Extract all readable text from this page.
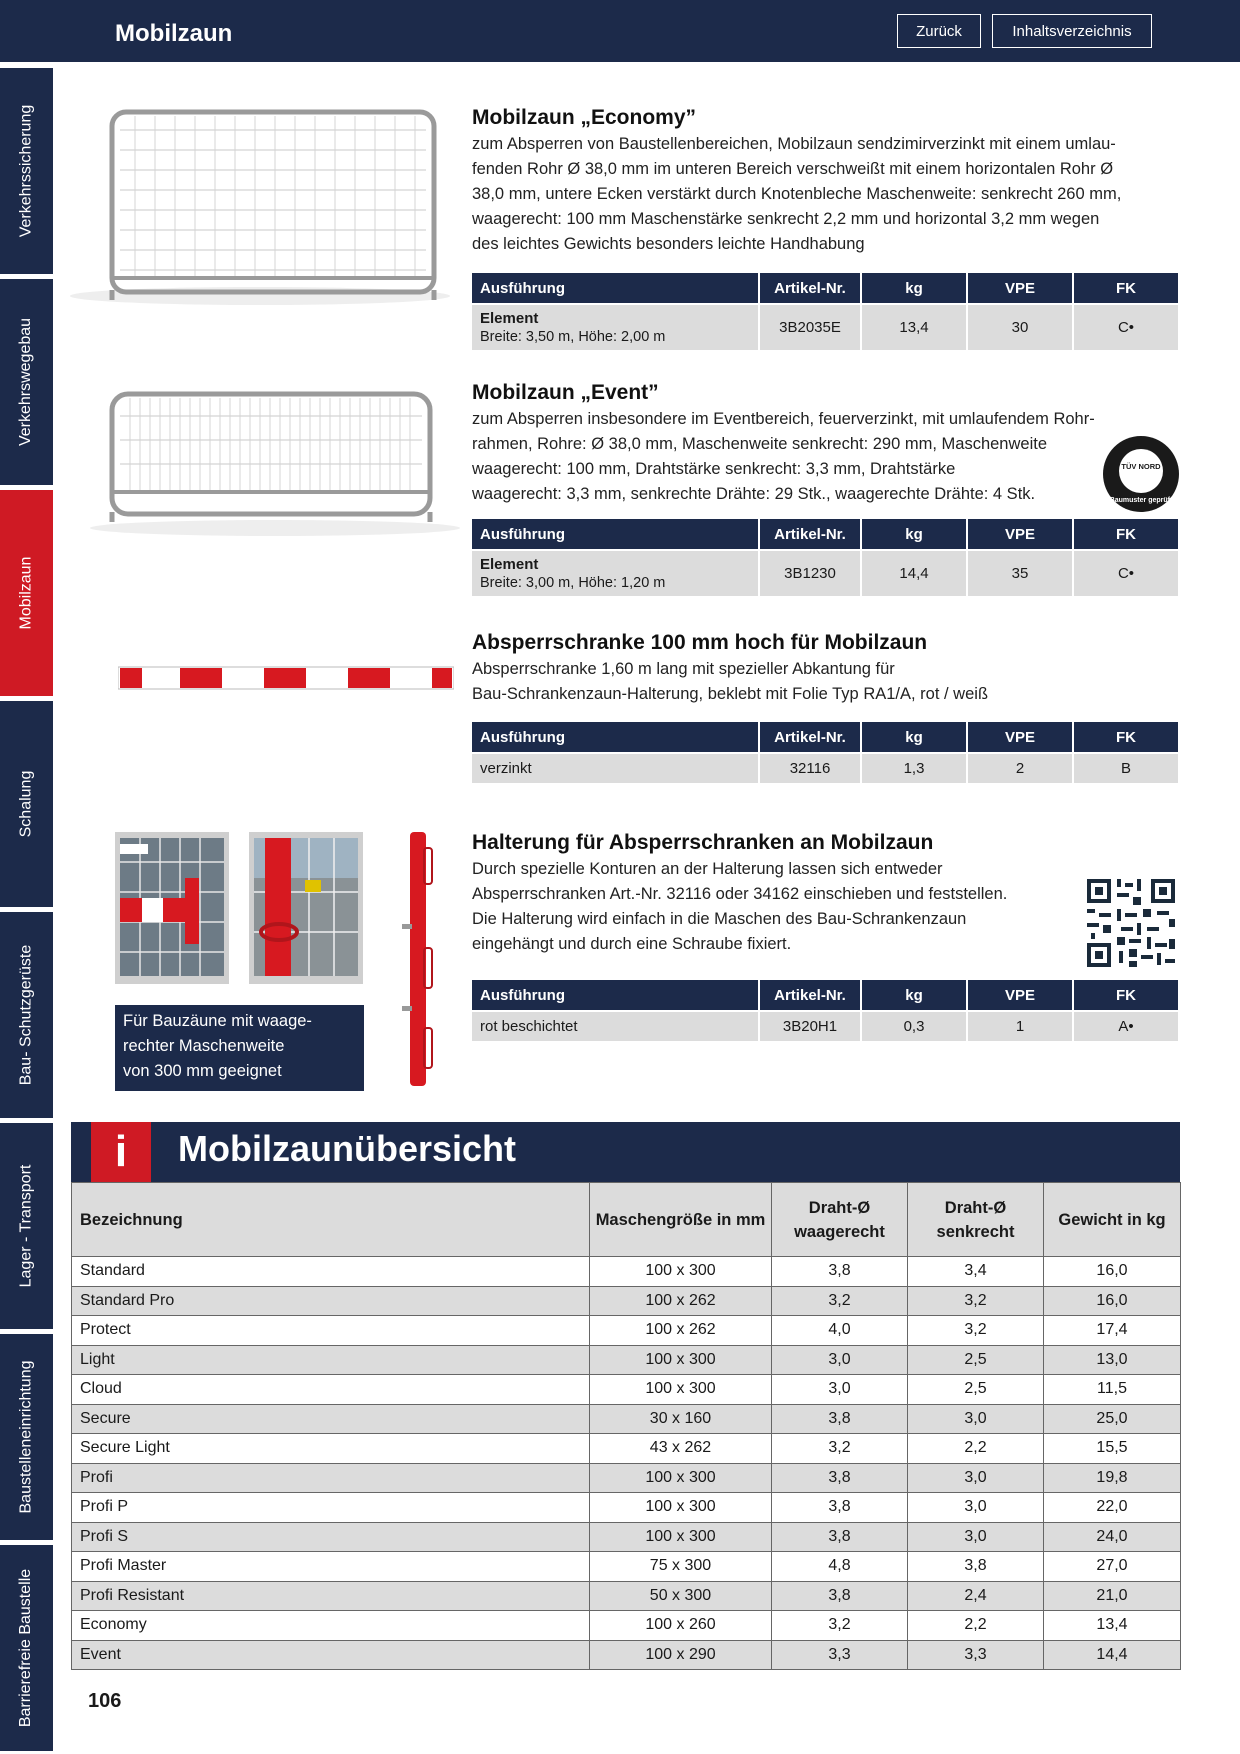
Mobilzaun	Zurück	Inhaltsverzeichnis
Verkehrssicherung
Verkehrswegebau
Mobilzaun
Schalung
Bau- Schutzgerüste
Lager - Transport
Baustelleneinrichtung
Barrierefreie Baustelle
Mobilzaun „Economy”
zum Absperren von Baustellenbereichen, Mobilzaun sendzimirverzinkt mit einem umlau-
fenden Rohr Ø 38,0 mm im unteren Bereich verschweißt mit einem horizontalen Rohr Ø
38,0 mm, untere Ecken verstärkt durch Knotenbleche Maschenweite: senkrecht 260 mm,
waagerecht: 100 mm Maschenstärke senkrecht 2,2 mm und horizontal 3,2 mm wegen
des leichtes Gewichts besonders leichte Handhabung
Ausführung	Artikel-Nr.	kg	VPE	FK

Element
Breite: 3,50 m, Höhe: 2,00 m	3B2035E	13,4	30	C•
Mobilzaun „Event”
zum Absperren insbesondere im Eventbereich, feuerverzinkt, mit umlaufendem Rohr-
rahmen, Rohre: Ø 38,0 mm, Maschenweite senkrecht: 290 mm, Maschenweite
waagerecht: 100 mm, Drahtstärke senkrecht: 3,3 mm, Drahtstärke
waagerecht: 3,3 mm, senkrechte Drähte: 29 Stk., waagerechte Drähte: 4 Stk.
TÜV NORD
Baumuster geprüft
Ausführung	Artikel-Nr.	kg	VPE	FK

Element
Breite: 3,00 m, Höhe: 1,20 m	3B1230	14,4	35	C•
Absperrschranke 100 mm hoch für Mobilzaun
Absperrschranke 1,60 m lang mit spezieller Abkantung für
Bau-Schrankenzaun-Halterung, beklebt mit Folie Typ RA1/A, rot / weiß
Ausführung	Artikel-Nr.	kg	VPE	FK
verzinkt	32116	1,3	2	B
Für Bauzäune mit waage-
rechter Maschenweite
von 300 mm geeignet
Halterung für Absperrschranken an Mobilzaun
Durch spezielle Konturen an der Halterung lassen sich entweder
Absperrschranken Art.-Nr. 32116 oder 34162 einschieben und feststellen.
Die Halterung wird einfach in die Maschen des Bau-Schrankenzaun
eingehängt und durch eine Schraube fixiert.
Ausführung	Artikel-Nr.	kg	VPE	FK
rot beschichtet	3B20H1	0,3	1	A•
i	Mobilzaunübersicht
Bezeichnung	Maschengröße in mm	Draht-Ø waagerecht	Draht-Ø senkrecht	Gewicht in kg
Standard	100 x 300	3,8	3,4	16,0
Standard Pro	100 x 262	3,2	3,2	16,0
Protect	100 x 262	4,0	3,2	17,4
Light	100 x 300	3,0	2,5	13,0
Cloud	100 x 300	3,0	2,5	11,5
Secure	30 x 160	3,8	3,0	25,0
Secure Light	43 x 262	3,2	2,2	15,5
Profi	100 x 300	3,8	3,0	19,8
Profi P	100 x 300	3,8	3,0	22,0
Profi S	100 x 300	3,8	3,0	24,0
Profi Master	75 x 300	4,8	3,8	27,0
Profi Resistant	50 x 300	3,8	2,4	21,0
Economy	100 x 260	3,2	2,2	13,4
Event	100 x 290	3,3	3,3	14,4
106
